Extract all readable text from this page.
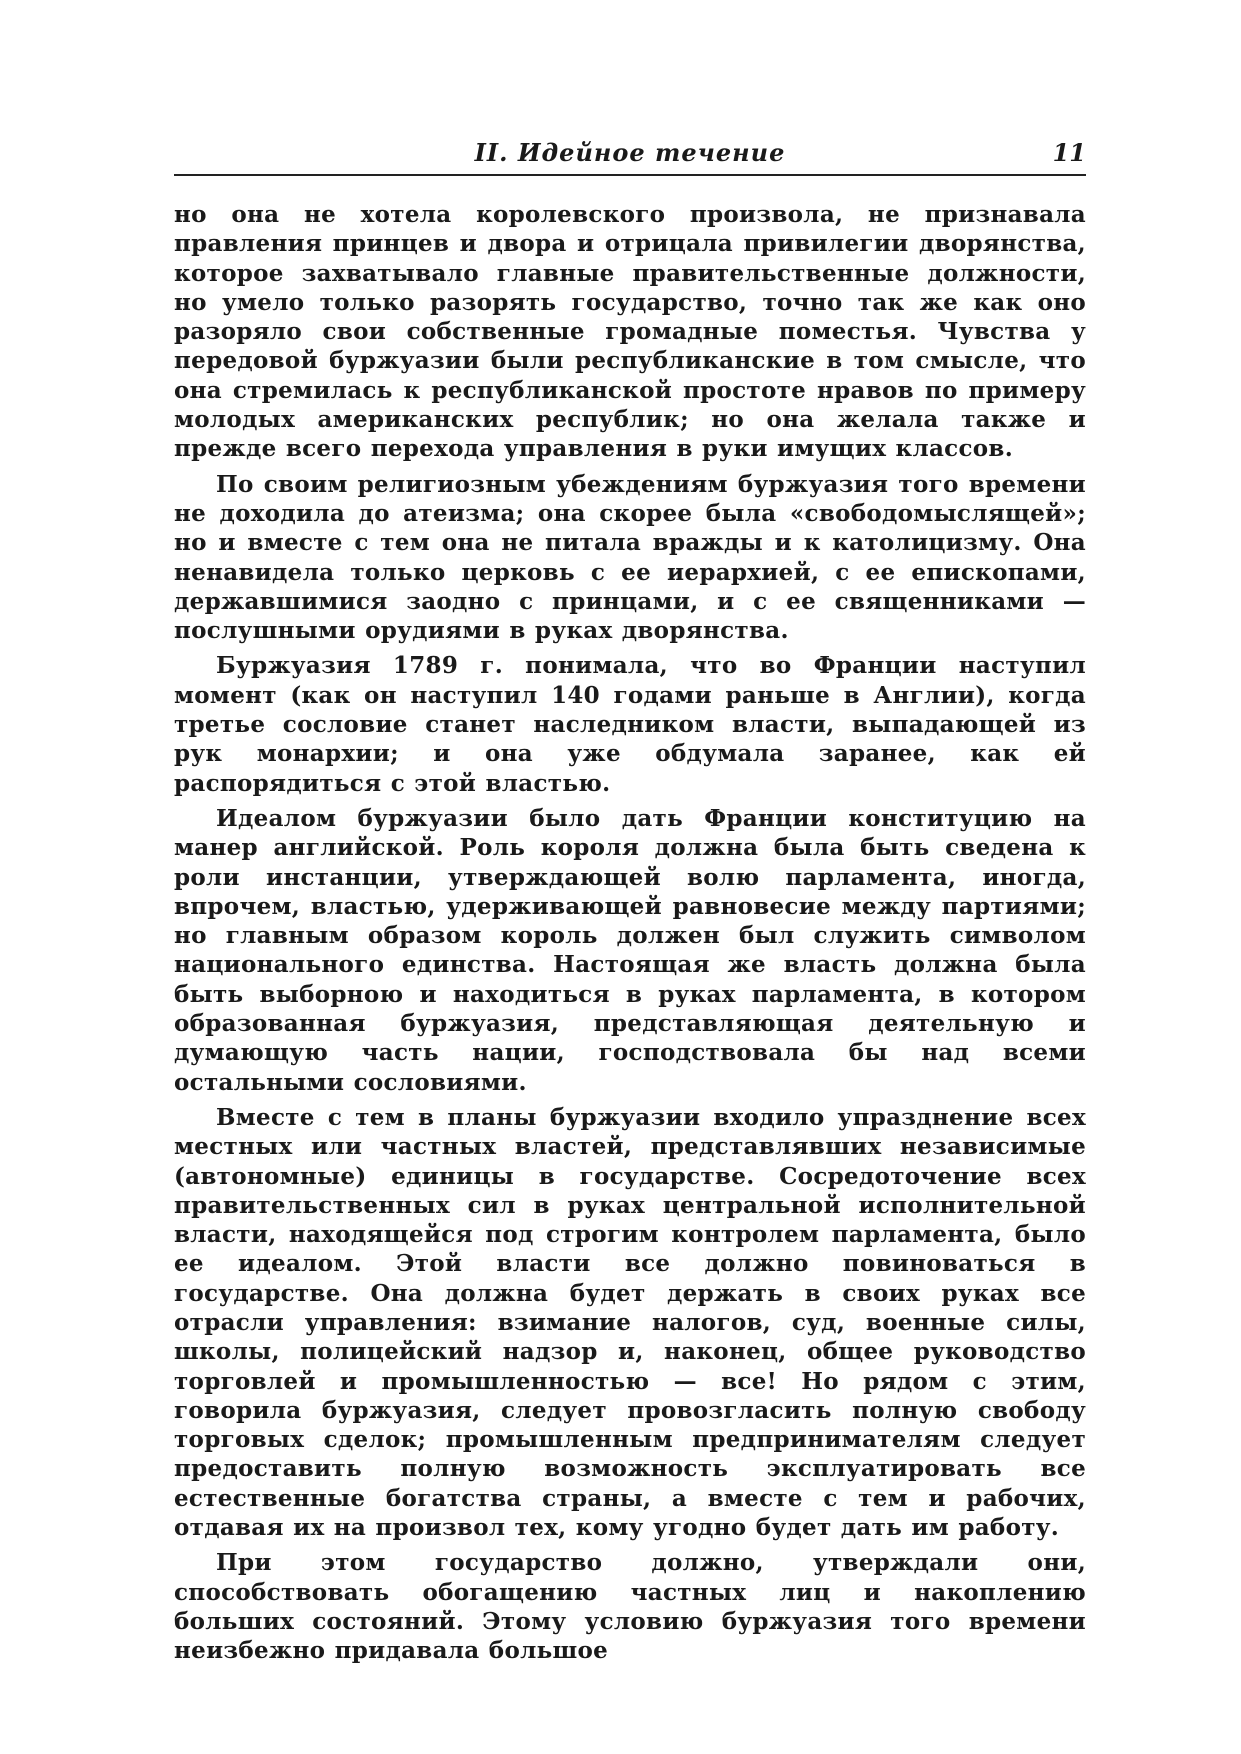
II. Идейное течение	11

но она не хотела королевского произвола, не признавала правления принцев и двора и отрицала привилегии дворянства, которое захватывало главные правительственные должности, но умело только разорять государство, точно так же как оно разоряло свои собственные громадные поместья. Чувства у передовой буржуазии были республиканские в том смысле, что она стремилась к республиканской простоте нравов по примеру молодых американских республик; но она желала также и прежде всего перехода управления в руки имущих классов.

По своим религиозным убеждениям буржуазия того времени не доходила до атеизма; она скорее была «свободомыслящей»; но и вместе с тем она не питала вражды и к католицизму. Она ненавидела только церковь с ее иерархией, с ее епископами, державшимися заодно с принцами, и с ее священниками — послушными орудиями в руках дворянства.

Буржуазия 1789 г. понимала, что во Франции наступил момент (как он наступил 140 годами раньше в Англии), когда третье сословие станет наследником власти, выпадающей из рук монархии; и она уже обдумала заранее, как ей распорядиться с этой властью.

Идеалом буржуазии было дать Франции конституцию на манер английской. Роль короля должна была быть сведена к роли инстанции, утверждающей волю парламента, иногда, впрочем, властью, удерживающей равновесие между партиями; но главным образом король должен был служить символом национального единства. Настоящая же власть должна была быть выборною и находиться в руках парламента, в котором образованная буржуазия, представляющая деятельную и думающую часть нации, господствовала бы над всеми остальными сословиями.

Вместе с тем в планы буржуазии входило упразднение всех местных или частных властей, представлявших независимые (автономные) единицы в государстве. Сосредоточение всех правительственных сил в руках центральной исполнительной власти, находящейся под строгим контролем парламента, было ее идеалом. Этой власти все должно повиноваться в государстве. Она должна будет держать в своих руках все отрасли управления: взимание налогов, суд, военные силы, школы, полицейский надзор и, наконец, общее руководство торговлей и промышленностью — все! Но рядом с этим, говорила буржуазия, следует провозгласить полную свободу торговых сделок; промышленным предпринимателям следует предоставить полную возможность эксплуатировать все естественные богатства страны, а вместе с тем и рабочих, отдавая их на произвол тех, кому угодно будет дать им работу.

При этом государство должно, утверждали они, способствовать обогащению частных лиц и накоплению больших состояний. Этому условию буржуазия того времени неизбежно придавала большое
